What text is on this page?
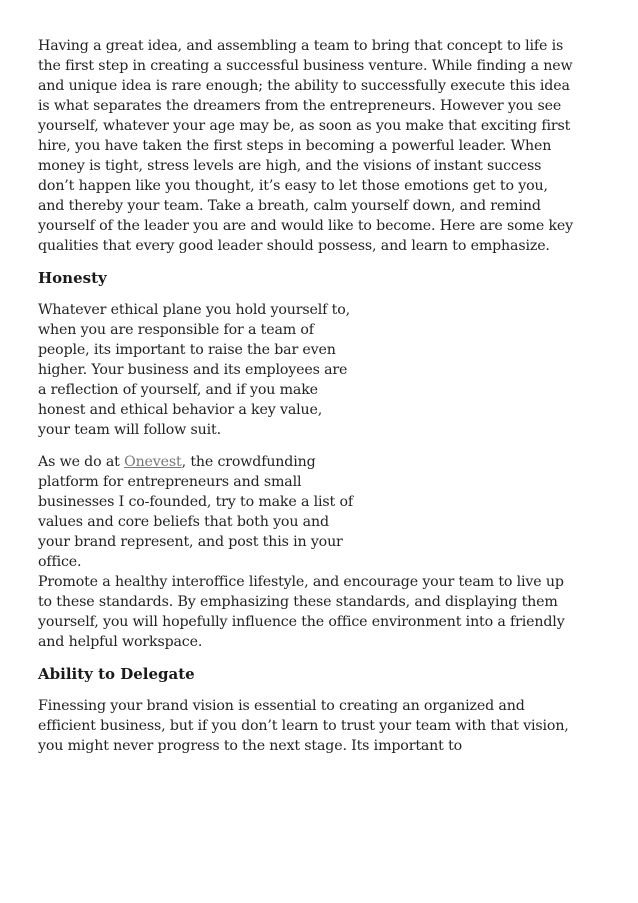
Having a great idea, and assembling a team to bring that concept to life is the first step in creating a successful business venture. While finding a new and unique idea is rare enough; the ability to successfully execute this idea is what separates the dreamers from the entrepreneurs. However you see yourself, whatever your age may be, as soon as you make that exciting first hire, you have taken the first steps in becoming a powerful leader. When money is tight, stress levels are high, and the visions of instant success don’t happen like you thought, it’s easy to let those emotions get to you, and thereby your team. Take a breath, calm yourself down, and remind yourself of the leader you are and would like to become. Here are some key qualities that every good leader should possess, and learn to emphasize.

Honesty

Whatever ethical plane you hold yourself to, when you are responsible for a team of people, its important to raise the bar even higher. Your business and its employees are a reflection of yourself, and if you make honest and ethical behavior a key value, your team will follow suit.

As we do at Onevest, the crowdfunding platform for entrepreneurs and small businesses I co-founded, try to make a list of values and core beliefs that both you and your brand represent, and post this in your office.

Promote a healthy interoffice lifestyle, and encourage your team to live up to these standards. By emphasizing these standards, and displaying them yourself, you will hopefully influence the office environment into a friendly and helpful workspace.

Ability to Delegate

Finessing your brand vision is essential to creating an organized and efficient business, but if you don’t learn to trust your team with that vision, you might never progress to the next stage. Its important to
